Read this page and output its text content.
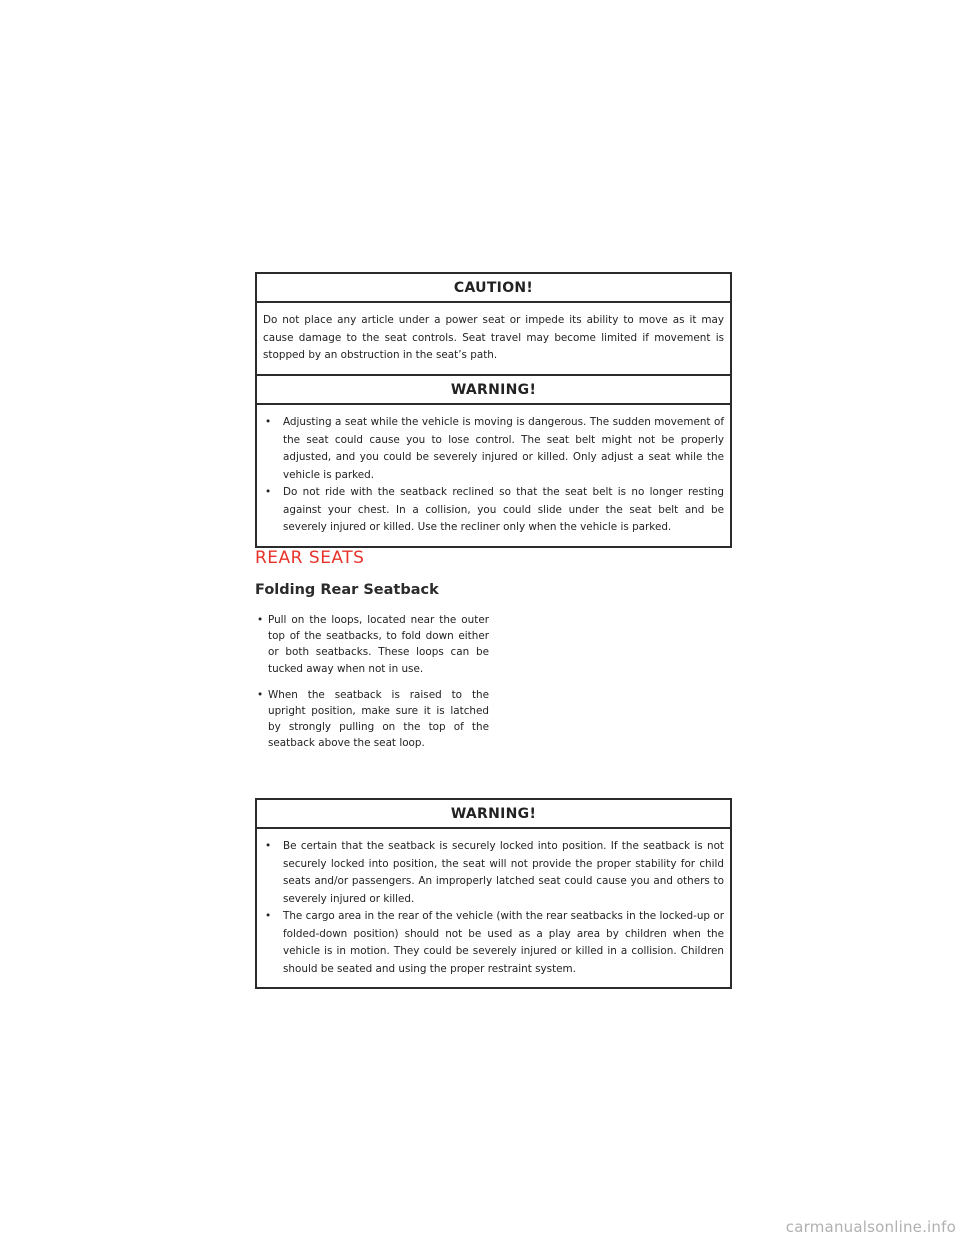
CAUTION!
Do not place any article under a power seat or impede its ability to move as it may cause damage to the seat controls. Seat travel may become limited if movement is stopped by an obstruction in the seat’s path.
WARNING!
• Adjusting a seat while the vehicle is moving is dangerous. The sudden movement of the seat could cause you to lose control. The seat belt might not be properly adjusted, and you could be severely injured or killed. Only adjust a seat while the vehicle is parked.
• Do not ride with the seatback reclined so that the seat belt is no longer resting against your chest. In a collision, you could slide under the seat belt and be severely injured or killed. Use the recliner only when the vehicle is parked.
REAR SEATS
Folding Rear Seatback
• Pull on the loops, located near the outer top of the seatbacks, to fold down either or both seatbacks. These loops can be tucked away when not in use.
• When the seatback is raised to the upright position, make sure it is latched by strongly pulling on the top of the seatback above the seat loop.
WARNING!
• Be certain that the seatback is securely locked into position. If the seatback is not securely locked into position, the seat will not provide the proper stability for child seats and/or passengers. An improperly latched seat could cause you and others to severely injured or killed.
• The cargo area in the rear of the vehicle (with the rear seatbacks in the locked-up or folded-down position) should not be used as a play area by children when the vehicle is in motion. They could be severely injured or killed in a collision. Children should be seated and using the proper restraint system.
carmanualsonline.info
